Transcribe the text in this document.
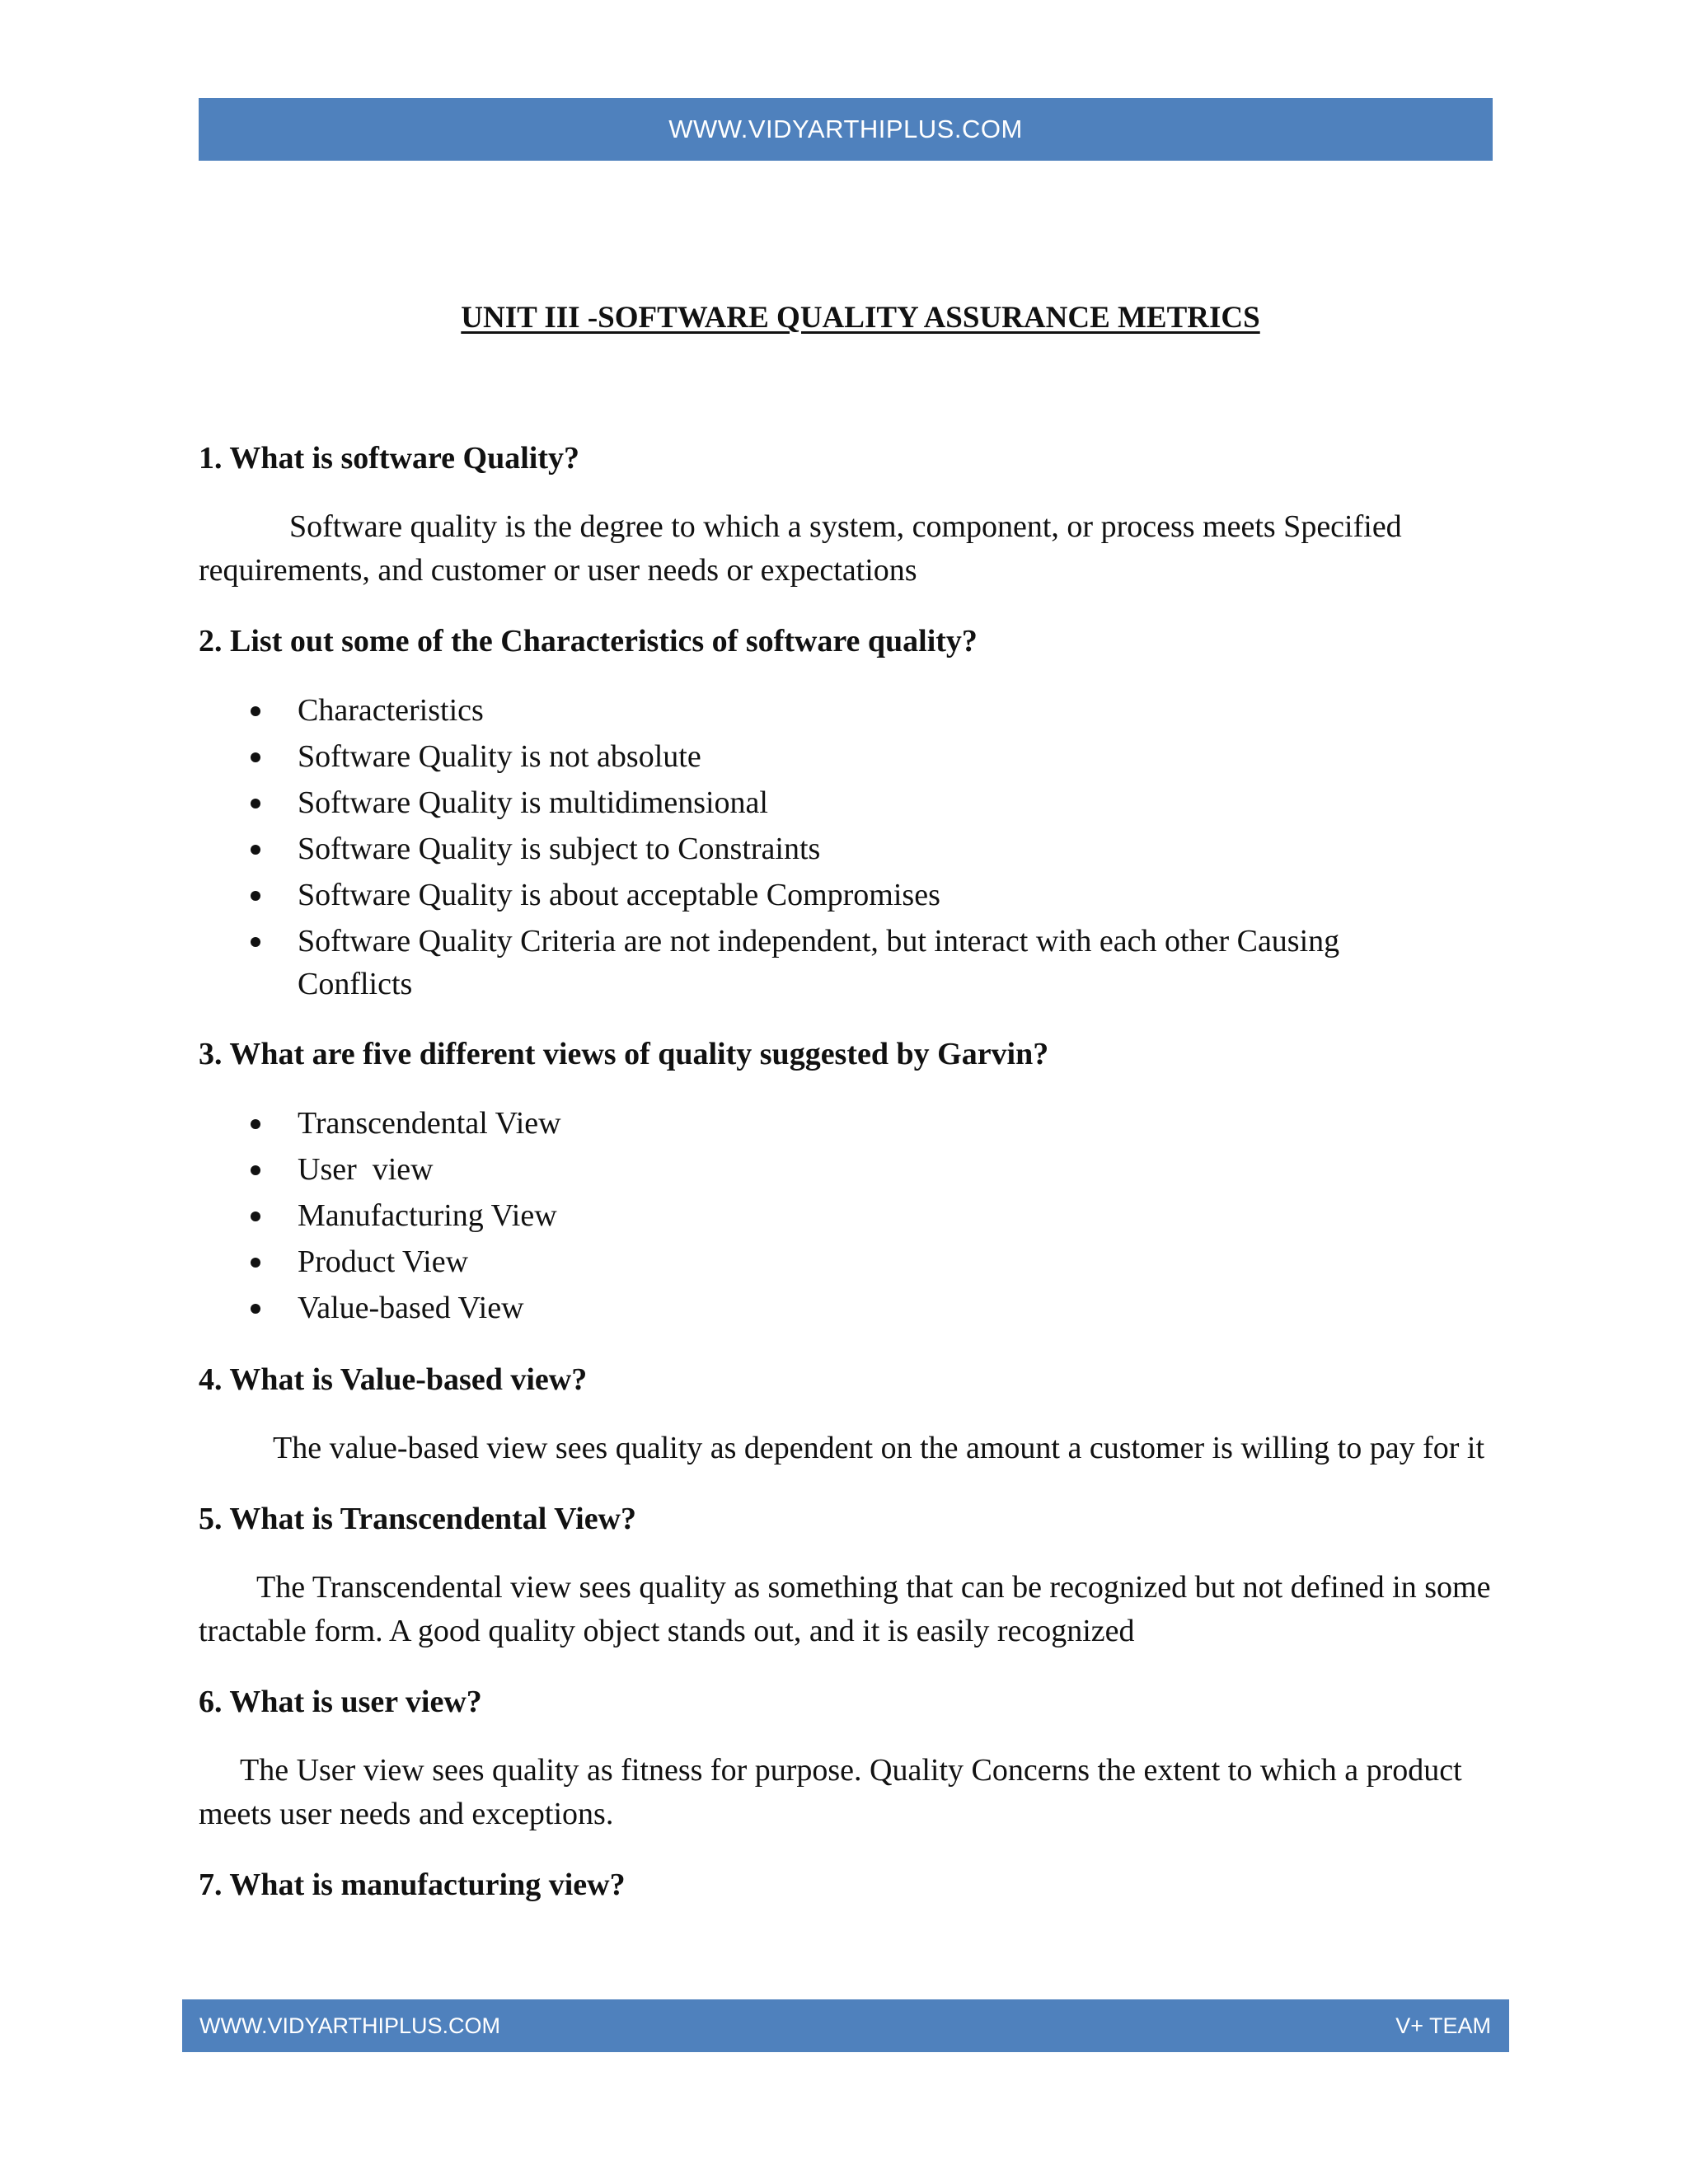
WWW.VIDYARTHIPLUS.COM
UNIT III -SOFTWARE QUALITY ASSURANCE METRICS

1. What is software Quality?

Software quality is the degree to which a system, component, or process meets Specified requirements, and customer or user needs or expectations

2. List out some of the Characteristics of software quality?

Characteristics
Software Quality is not absolute
Software Quality is multidimensional
Software Quality is subject to Constraints
Software Quality is about acceptable Compromises
Software Quality Criteria are not independent, but interact with each other Causing Conflicts

3. What are five different views of quality suggested by Garvin?

Transcendental View
User  view
Manufacturing View
Product View
Value-based View

4. What is Value-based view?

The value-based view sees quality as dependent on the amount a customer is willing to pay for it

5. What is Transcendental View?

The Transcendental view sees quality as something that can be recognized but not defined in some tractable form. A good quality object stands out, and it is easily recognized

6. What is user view?

The User view sees quality as fitness for purpose. Quality Concerns the extent to which a product meets user needs and exceptions.

7. What is manufacturing view?

WWW.VIDYARTHIPLUS.COM	V+ TEAM
